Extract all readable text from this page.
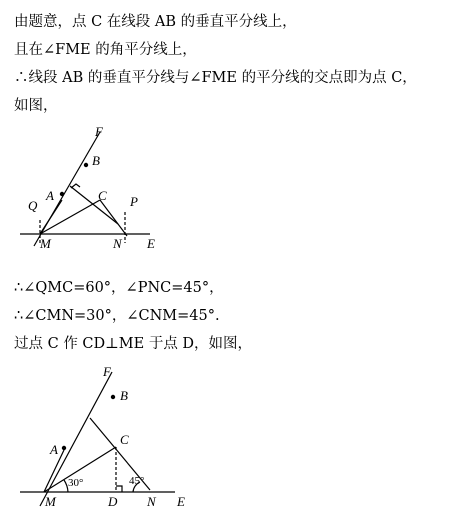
由题意，点 C 在线段 AB 的垂直平分线上，
且在∠FME 的角平分线上，
∴线段 AB 的垂直平分线与∠FME 的平分线的交点即为点 C，
如图，
F
B
A	C
Q	P
M	N E
∴∠QMC=60°，∠PNC=45°，
∴∠CMN=30°，∠CNM=45°.
过点 C 作 CD⊥ME 于点 D，如图，
F
B
A
C
M	D N E
30°	45°
